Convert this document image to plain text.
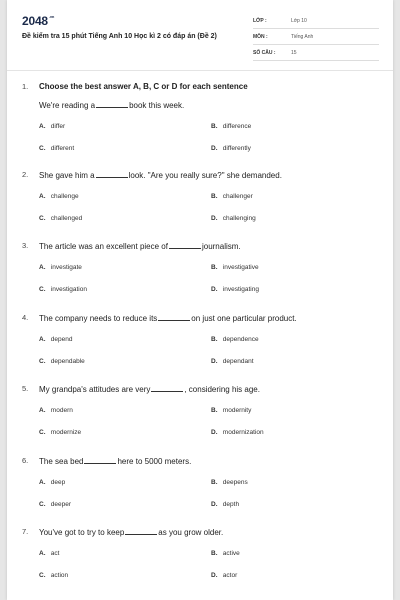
$2048^{.vn}$
Đề kiểm tra 15 phút Tiếng Anh 10 Học kì 2 có đáp án (Đề 2)
LỚP :	Lớp 10
MÔN :	Tiếng Anh
SỐ CÂU :	15
1. Choose the best answer A, B, C or D for each sentence
We're reading a	book this week.
A. differ	B. difference
C. different	D. differently
2. She gave him a	look. "Are you really sure?" she demanded.
A. challenge	B. challenger
C. challenged	D. challenging
3. The article was an excellent piece of	journalism.
A. investigate	B. investigative
C. investigation	D. investigating
4. The company needs to reduce its	on just one particular product.
A. depend	B. dependence
C. dependable	D. dependant
5. My grandpa's attitudes are very	, considering his age.
A. modern	B. modernity
C. modernize	D. modernization
6. The sea bed	here to 5000 meters.
A. deep	B. deepens
C. deeper	D. depth
7. You've got to try to keep	as you grow older.
A. act	B. active
C. action	D. actor
